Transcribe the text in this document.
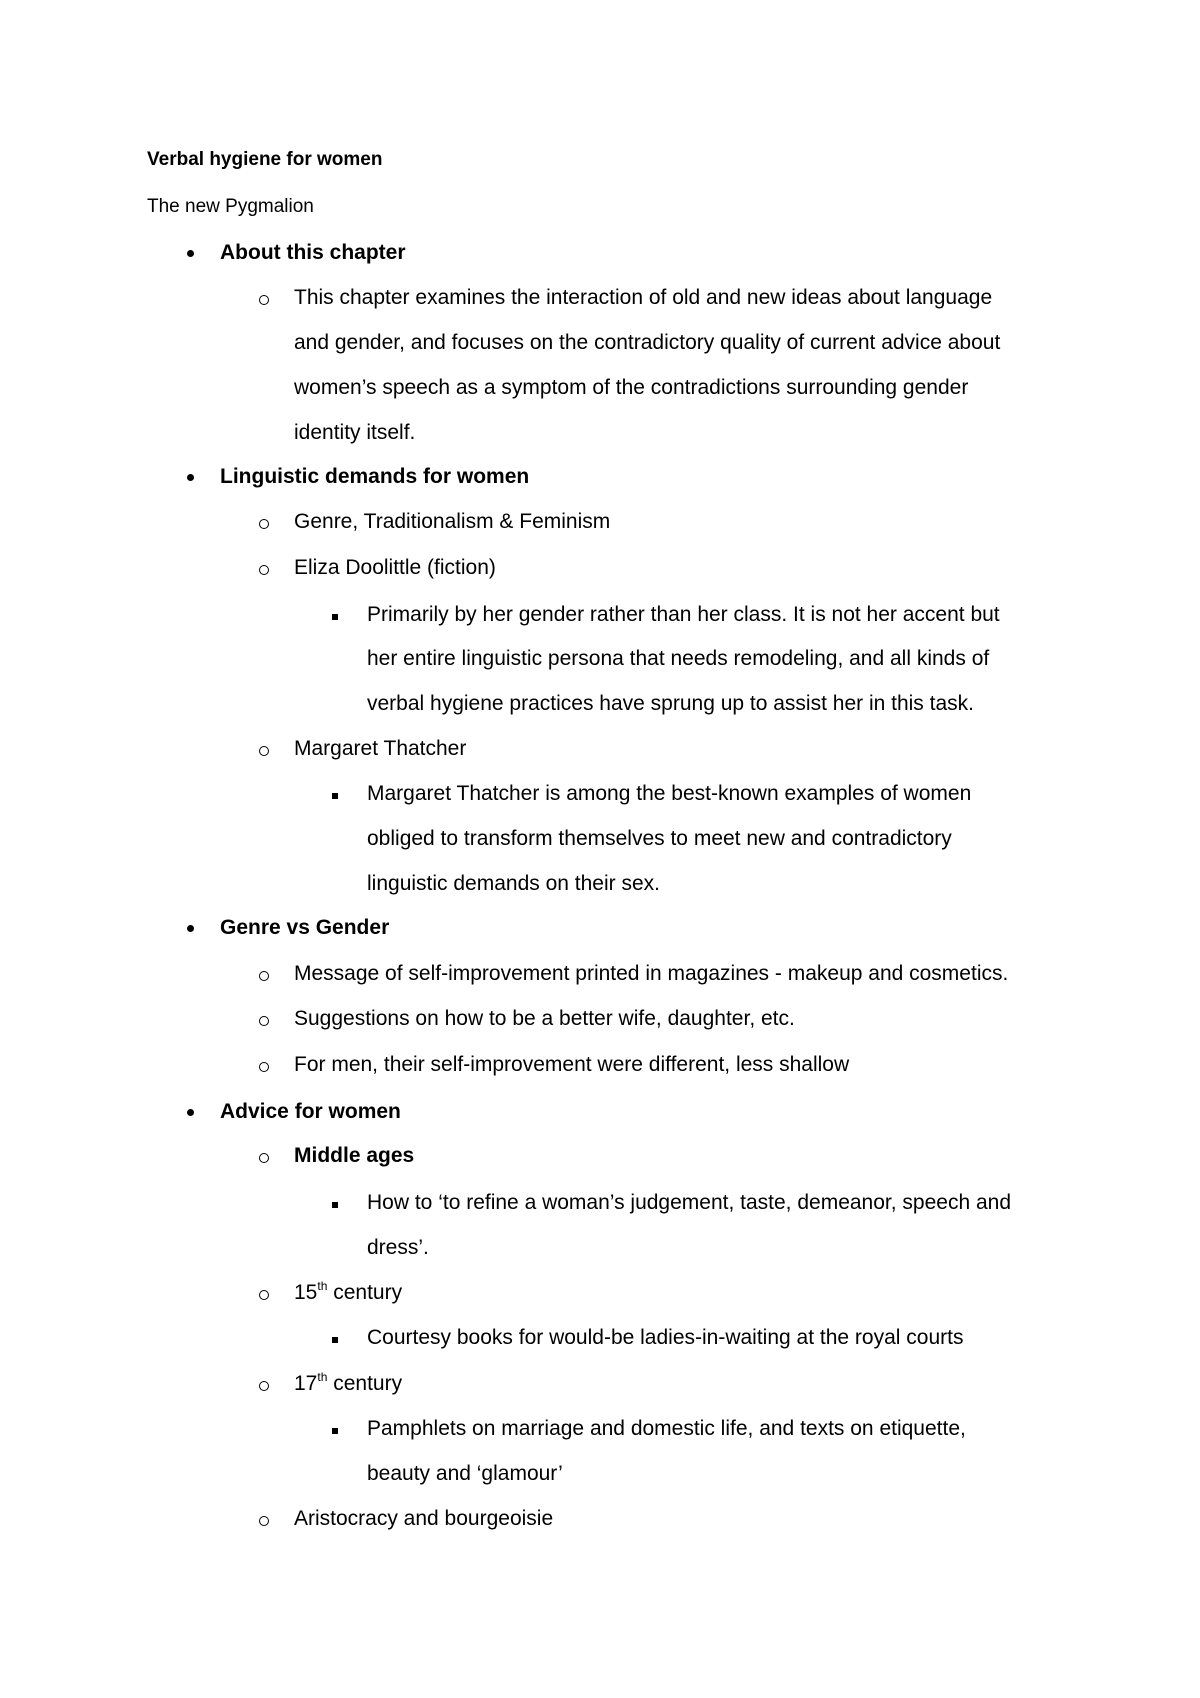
Verbal hygiene for women
The new Pygmalion
About this chapter
This chapter examines the interaction of old and new ideas about language
and gender, and focuses on the contradictory quality of current advice about
women’s speech as a symptom of the contradictions surrounding gender
identity itself.
Linguistic demands for women
Genre, Traditionalism & Feminism
Eliza Doolittle (fiction)
Primarily by her gender rather than her class. It is not her accent but
her entire linguistic persona that needs remodeling, and all kinds of
verbal hygiene practices have sprung up to assist her in this task.
Margaret Thatcher
Margaret Thatcher is among the best-known examples of women
obliged to transform themselves to meet new and contradictory
linguistic demands on their sex.
Genre vs Gender
Message of self-improvement printed in magazines - makeup and cosmetics.
Suggestions on how to be a better wife, daughter, etc.
For men, their self-improvement were different, less shallow
Advice for women
Middle ages
How to ‘to refine a woman’s judgement, taste, demeanor, speech and
dress’.
15th century
Courtesy books for would-be ladies-in-waiting at the royal courts
17th century
Pamphlets on marriage and domestic life, and texts on etiquette,
beauty and ‘glamour’
Aristocracy and bourgeoisie
